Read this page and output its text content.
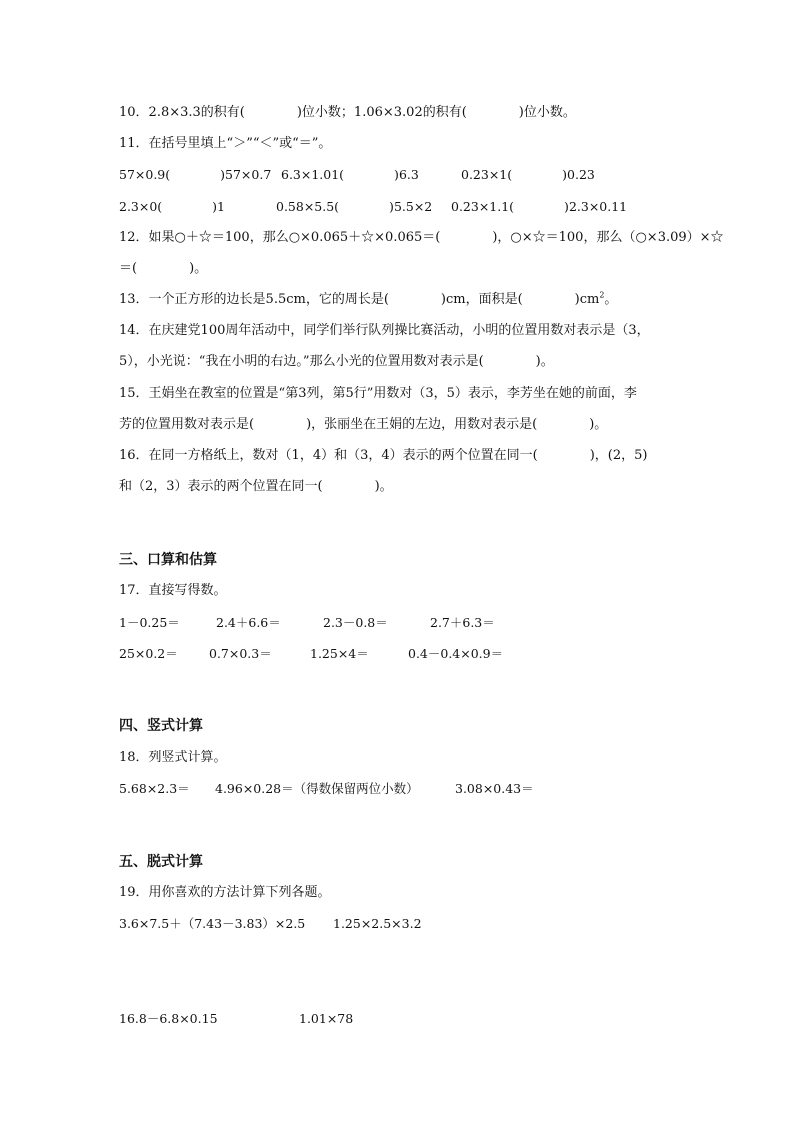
10．2.8×3.3的积有(　　　　)位小数；1.06×3.02的积有(　　　　)位小数。
11．在括号里填上“＞”“＜”或“＝”。
57×0.9(　　　　)57×0.7 6.3×1.01(　　　　)6.3	0.23×1(　　　　)0.23
2.3×0(　　　　)1	0.58×5.5(　　　　)5.5×2 0.23×1.1(　　　　)2.3×0.11
12．如果○＋☆＝100，那么○×0.065＋☆×0.065＝(　　　　)，○×☆＝100，那么（○×3.09）×☆
＝(　　　　)。
13．一个正方形的边长是5.5cm，它的周长是(　　　　)cm，面积是(　　　　)$cm^2$。
14．在庆建党100周年活动中，同学们举行队列操比赛活动，小明的位置用数对表示是（3，
5），小光说：“我在小明的右边。”那么小光的位置用数对表示是(　　　　)。
15．王娟坐在教室的位置是“第3列，第5行”用数对（3，5）表示，李芳坐在她的前面，李
芳的位置用数对表示是(　　　　)，张丽坐在王娟的左边，用数对表示是(　　　　)。
16．在同一方格纸上，数对（1，4）和（3，4）表示的两个位置在同一(　　　　)，(2，5)
和（2，3）表示的两个位置在同一(　　　　)。
三、口算和估算
17．直接写得数。
1－0.25＝	2.4＋6.6＝	2.3－0.8＝	2.7＋6.3＝
25×0.2＝ 0.7×0.3＝	1.25×4＝	0.4－0.4×0.9＝
四、竖式计算
18．列竖式计算。
5.68×2.3＝ 4.96×0.28＝（得数保留两位小数）	3.08×0.43＝
五、脱式计算
19．用你喜欢的方法计算下列各题。
3.6×7.5＋（7.43－3.83）×2.5 1.25×2.5×3.2
16.8－6.8×0.15	1.01×78
